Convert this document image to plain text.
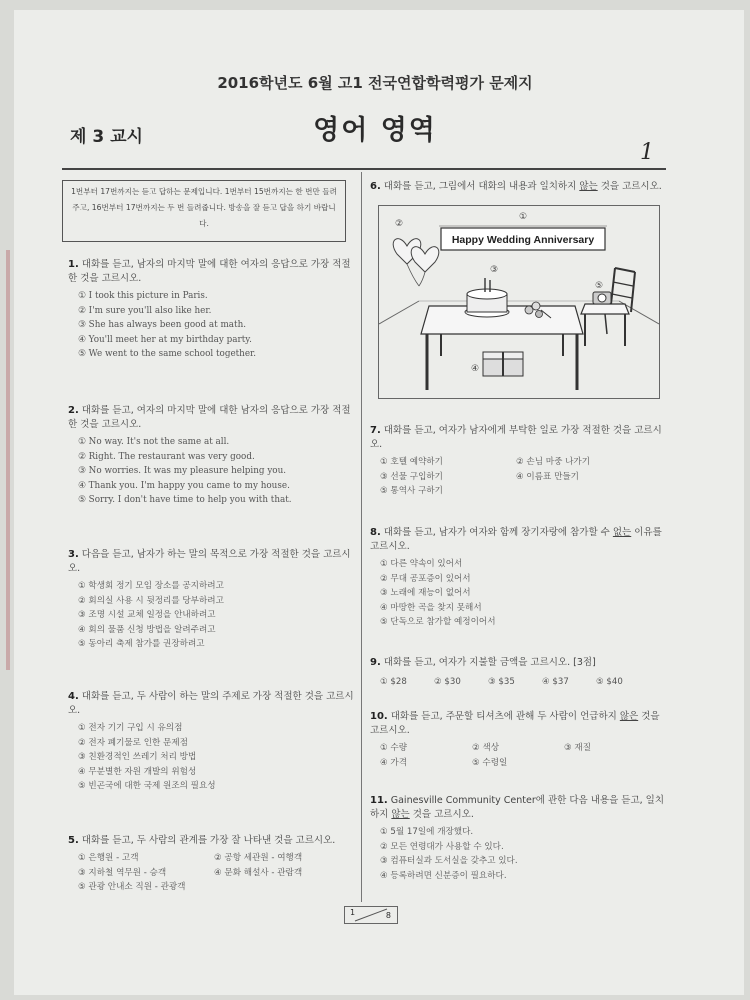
2016학년도 6월 고1 전국연합학력평가 문제지
제 3 교시	영어 영역
1
1번부터 17번까지는 듣고 답하는 문제입니다. 1번부터 15번까지는 한 번만 들려주고, 16번부터 17번까지는 두 번 들려줍니다. 방송을 잘 듣고 답을 하기 바랍니다.
1. 대화를 듣고, 남자의 마지막 말에 대한 여자의 응답으로 가장 적절한 것을 고르시오.
① I took this picture in Paris.
② I'm sure you'll also like her.
③ She has always been good at math.
④ You'll meet her at my birthday party.
⑤ We went to the same school together.
2. 대화를 듣고, 여자의 마지막 말에 대한 남자의 응답으로 가장 적절한 것을 고르시오.
① No way. It's not the same at all.
② Right. The restaurant was very good.
③ No worries. It was my pleasure helping you.
④ Thank you. I'm happy you came to my house.
⑤ Sorry. I don't have time to help you with that.
3. 다음을 듣고, 남자가 하는 말의 목적으로 가장 적절한 것을 고르시오.
① 학생회 정기 모임 장소를 공지하려고
② 회의실 사용 시 뒷정리를 당부하려고
③ 조명 시설 교체 일정을 안내하려고
④ 회의 물품 신청 방법을 알려주려고
⑤ 동아리 축제 참가를 권장하려고
4. 대화를 듣고, 두 사람이 하는 말의 주제로 가장 적절한 것을 고르시오.
① 전자 기기 구입 시 유의점
② 전자 폐기물로 인한 문제점
③ 친환경적인 쓰레기 처리 방법
④ 무분별한 자원 개발의 위험성
⑤ 빈곤국에 대한 국제 원조의 필요성
5. 대화를 듣고, 두 사람의 관계를 가장 잘 나타낸 것을 고르시오.
① 은행원 - 고객	② 공항 세관원 - 여행객
③ 지하철 역무원 - 승객	④ 문화 해설사 - 관람객
⑤ 관광 안내소 직원 - 관광객
6. 대화를 듣고, 그림에서 대화의 내용과 일치하지 않는 것을 고르시오.
Happy Wedding Anniversary
①
②
③
⑤
④
7. 대화를 듣고, 여자가 남자에게 부탁한 일로 가장 적절한 것을 고르시오.
① 호텔 예약하기	② 손님 마중 나가기
③ 선물 구입하기	④ 이름표 만들기
⑤ 통역사 구하기
8. 대화를 듣고, 남자가 여자와 함께 장기자랑에 참가할 수 없는 이유를 고르시오.
① 다른 약속이 있어서
② 무대 공포증이 있어서
③ 노래에 재능이 없어서
④ 마땅한 곡을 찾지 못해서
⑤ 단독으로 참가할 예정이어서
9. 대화를 듣고, 여자가 지불할 금액을 고르시오. [3점]
① $28	② $30	③ $35	④ $37	⑤ $40
10. 대화를 듣고, 주문할 티셔츠에 관해 두 사람이 언급하지 않은 것을 고르시오.
① 수량	② 색상	③ 재질
④ 가격	⑤ 수령일
11. Gainesville Community Center에 관한 다음 내용을 듣고, 일치하지 않는 것을 고르시오.
① 5월 17일에 개장했다.
② 모든 연령대가 사용할 수 있다.
③ 컴퓨터실과 도서실을 갖추고 있다.
④ 등록하려면 신분증이 필요하다.
1	8
